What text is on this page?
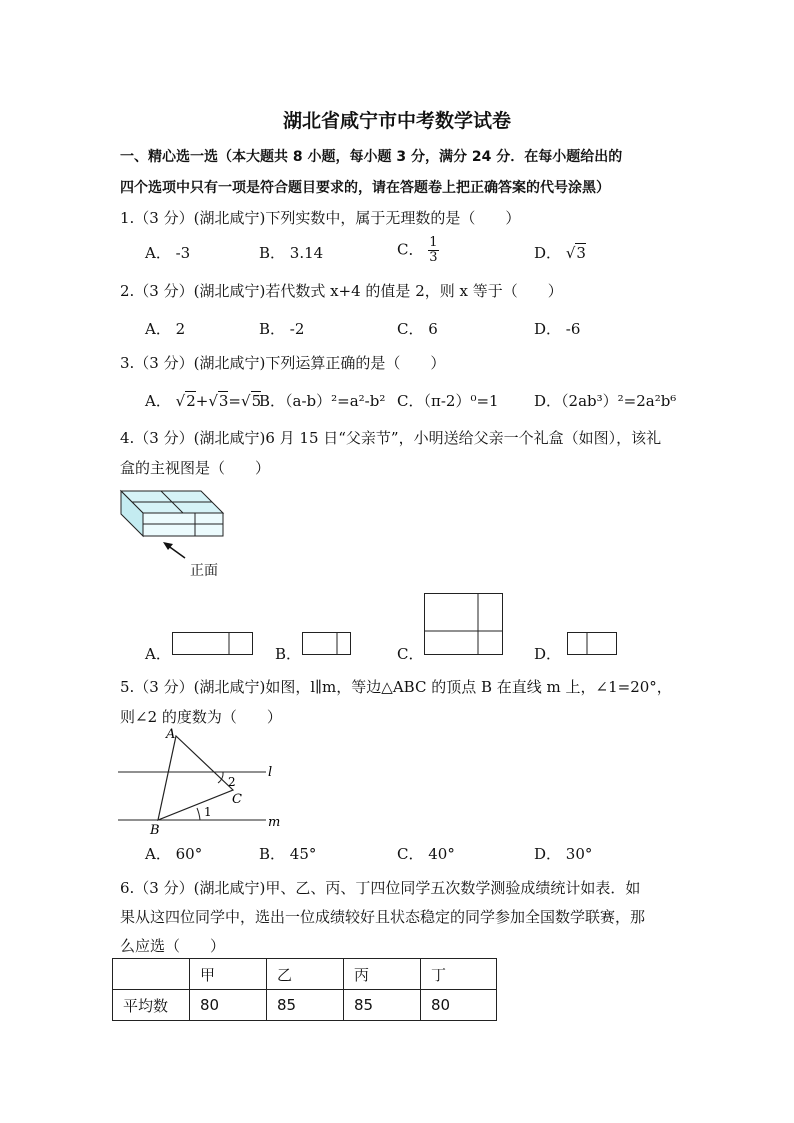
湖北省咸宁市中考数学试卷
一、精心选一选（本大题共 8 小题，每小题 3 分，满分 24 分．在每小题给出的
四个选项中只有一项是符合题目要求的，请在答题卷上把正确答案的代号涂黑）
1.（3 分）(湖北咸宁)下列实数中，属于无理数的是（　　）
A． -3	B． 3.14	C． $\frac{1}{3}$	D． √3
2.（3 分）(湖北咸宁)若代数式 x+4 的值是 2，则 x 等于（　　）
A． 2	B． -2	C． 6	D． -6
3.（3 分）(湖北咸宁)下列运算正确的是（　　）
A． √2+√3=√5
B．（a-b）²=a²-b² C．（π-2）⁰=1 D．（2ab³）²=2a²b⁶
4.（3 分）(湖北咸宁)6 月 15 日“父亲节”，小明送给父亲一个礼盒（如图），该礼
盒的主视图是（　　）
正面
A．	B．	C．	D．
5.（3 分）(湖北咸宁)如图，l∥m，等边△ABC 的顶点 B 在直线 m 上，∠1=20°，
则∠2 的度数为（　　）
A
B
C
l
m
1
2
A． 60°	B． 45°	C． 40°	D． 30°
6.（3 分）(湖北咸宁)甲、乙、丙、丁四位同学五次数学测验成绩统计如表．如
果从这四位同学中，选出一位成绩较好且状态稳定的同学参加全国数学联赛，那
么应选（　　）
	甲	乙	丙	丁
平均数	80	85	85	80
